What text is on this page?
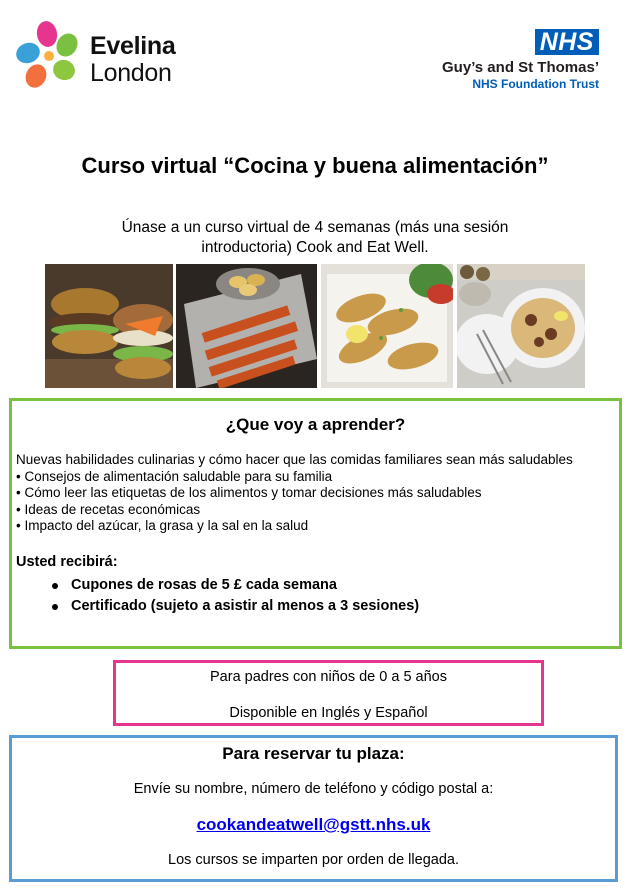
Evelina
London
NHS
Guy’s and St Thomas’
NHS Foundation Trust
Curso virtual “Cocina y buena alimentación”
Únase a un curso virtual de 4 semanas (más una sesión introductoria) Cook and Eat Well.
¿Que voy a aprender?
Nuevas habilidades culinarias y cómo hacer que las comidas familiares sean más saludables
• Consejos de alimentación saludable para su familia
• Cómo leer las etiquetas de los alimentos y tomar decisiones más saludables
• Ideas de recetas económicas
• Impacto del azúcar, la grasa y la sal en la salud
Usted recibirá:
Cupones de rosas de 5 £ cada semana
Certificado (sujeto a asistir al menos a 3 sesiones)
Para padres con niños de 0 a 5 años
Disponible en Inglés y Español
Para reservar tu plaza:
Envíe su nombre, número de teléfono y código postal a:
cookandeatwell@gstt.nhs.uk
Los cursos se imparten por orden de llegada.
